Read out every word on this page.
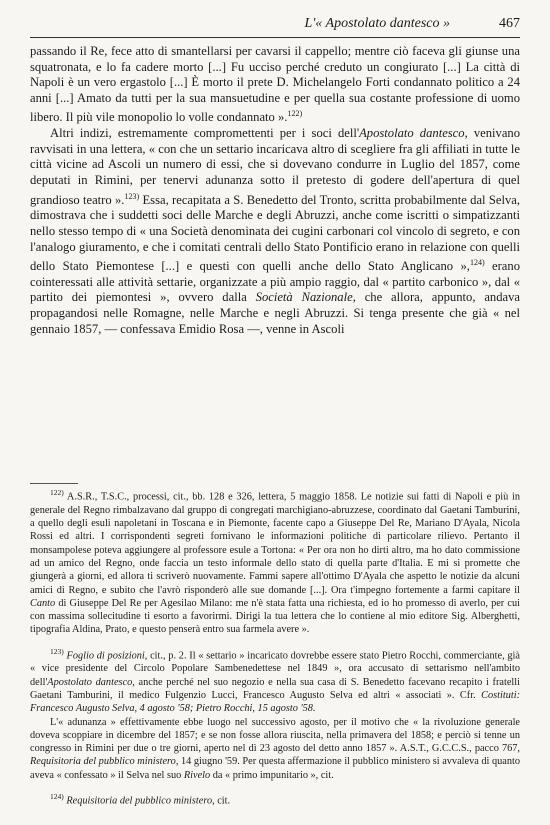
L'« Apostolato dantesco »	467

passando il Re, fece atto di smantellarsi per cavarsi il cappello; mentre ciò faceva gli giunse una squatronata, e lo fa cadere morto [...] Fu ucciso perché creduto un congiurato [...] La città di Napoli è un vero ergastolo [...] È morto il prete D. Michelangelo Forti condannato politico a 24 anni [...] Amato da tutti per la sua mansuetudine e per quella sua costante professione di uomo libero. Il più vile monopolio lo volle condannato ».$^{122)}$

Altri indizi, estremamente compromettenti per i soci dell'Apostolato dantesco, venivano ravvisati in una lettera, « con che un settario incaricava altro di scegliere fra gli affiliati in tutte le città vicine ad Ascoli un numero di essi, che si dovevano condurre in Luglio del 1857, come deputati in Rimini, per tenervi adunanza sotto il pretesto di godere dell'apertura di quel grandioso teatro ».$^{123)}$ Essa, recapitata a S. Benedetto del Tronto, scritta probabilmente dal Selva, dimostrava che i suddetti soci delle Marche e degli Abruzzi, anche come iscritti o simpatizzanti nello stesso tempo di « una Società denominata dei cugini carbonari col vincolo di segreto, e con l'analogo giuramento, e che i comitati centrali dello Stato Pontificio erano in relazione con quelli dello Stato Piemontese [...] e questi con quelli anche dello Stato Anglicano »,$^{124)}$ erano cointeressati alle attività settarie, organizzate a più ampio raggio, dal « partito carbonico », dal « partito dei piemontesi », ovvero dalla Società Nazionale, che allora, appunto, andava propagandosi nelle Romagne, nelle Marche e negli Abruzzi. Si tenga presente che già « nel gennaio 1857, — confessava Emidio Rosa —, venne in Ascoli

$^{122)}$ A.S.R., T.S.C., processi, cit., bb. 128 e 326, lettera, 5 maggio 1858. Le notizie sui fatti di Napoli e più in generale del Regno rimbalzavano dal gruppo di congregati marchigiano-abruzzese, coordinato dal Gaetani Tamburini, a quello degli esuli napoletani in Toscana e in Piemonte, facente capo a Giuseppe Del Re, Mariano D'Ayala, Nicola Rossi ed altri. I corrispondenti segreti fornivano le informazioni politiche di particolare rilievo. Pertanto il monsampolese poteva aggiungere al professore esule a Tortona: « Per ora non ho dirti altro, ma ho dato commissione ad un amico del Regno, onde faccia un testo informale dello stato di quella parte d'Italia. E mi si promette che giungerà a giorni, ed allora ti scriverò nuovamente. Fammi sapere all'ottimo D'Ayala che aspetto le notizie da alcuni amici di Regno, e subito che l'avrò risponderò alle sue domande [...]. Ora t'impegno fortemente a farmi capitare il Canto di Giuseppe Del Re per Agesilao Milano: me n'è stata fatta una richiesta, ed io ho promesso di averlo, per cui con massima sollecitudine ti esorto a favorirmi. Dirigi la tua lettera che lo contiene al mio editore Sig. Alberghetti, tipografia Aldina, Prato, e questo penserà entro sua farmela avere ».

$^{123)}$ Foglio di posizioni, cit., p. 2. Il « settario » incaricato dovrebbe essere stato Pietro Rocchi, commerciante, già « vice presidente del Circolo Popolare Sambenedettese nel 1849 », ora accusato di settarismo nell'ambito dell'Apostolato dantesco, anche perché nel suo negozio e nella sua casa di S. Benedetto facevano recapito i fratelli Gaetani Tamburini, il medico Fulgenzio Lucci, Francesco Augusto Selva ed altri « associati ». Cfr. Costituti: Francesco Augusto Selva, 4 agosto '58; Pietro Rocchi, 15 agosto '58.

L'« adunanza » effettivamente ebbe luogo nel successivo agosto, per il motivo che « la rivoluzione generale doveva scoppiare in dicembre del 1857; e se non fosse allora riuscita, nella primavera del 1858; e perciò si tenne un congresso in Rimini per due o tre giorni, aperto nel dì 23 agosto del detto anno 1857 ». A.S.T., G.C.C.S., pacco 767, Requisitoria del pubblico ministero, 14 giugno '59. Per questa affermazione il pubblico ministero si avvaleva di quanto aveva « confessato » il Selva nel suo Rivelo da « primo impunitario », cit.

$^{124)}$ Requisitoria del pubblico ministero, cit.
